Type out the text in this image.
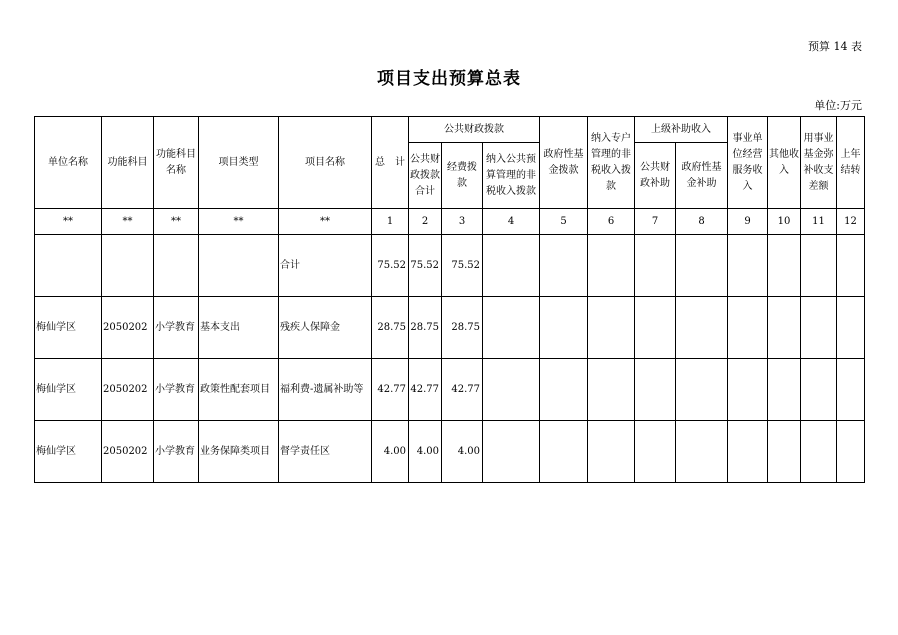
预算 14 表
项目支出预算总表
单位:万元
单位名称	功能科目	功能科目名称	项目类型	项目名称	总　计	公共财政拨款			政府性基金拨款	纳入专户管理的非税收入拨款	上级补助收入		事业单位经营服务收入	其他收入	用事业基金弥补收支差额	上年结转
						公共财政拨款合计	经费拨款	纳入公共预算管理的非税收入拨款			公共财政补助	政府性基金补助				
**	**	**	**	**	1	2	3	4	5	6	7	8	9	10	11	12
				合计	75.52	75.52	75.52									
梅仙学区	2050202	小学教育	基本支出	残疾人保障金	28.75	28.75	28.75									
梅仙学区	2050202	小学教育	政策性配套项目	福利费-遗属补助等	42.77	42.77	42.77									
梅仙学区	2050202	小学教育	业务保障类项目	督学责任区	4.00	4.00	4.00									
